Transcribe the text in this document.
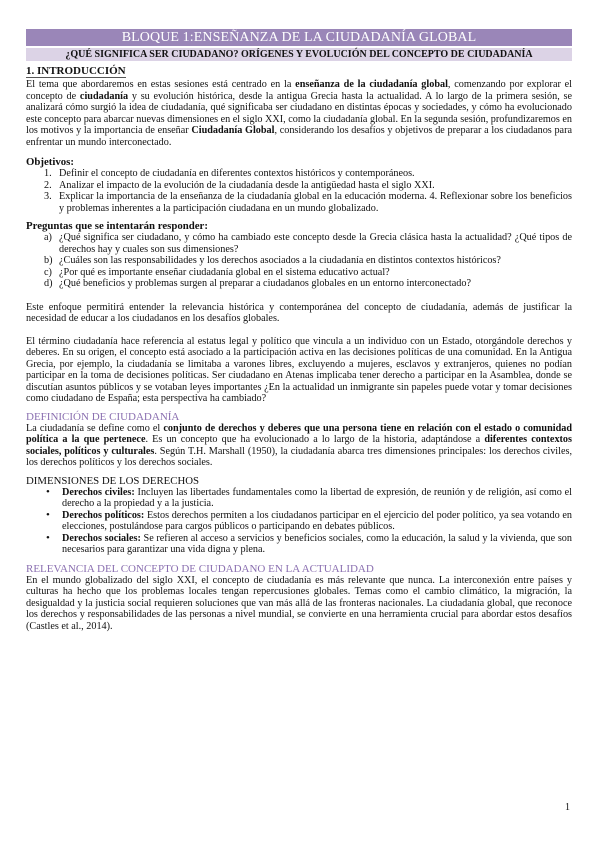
BLOQUE 1:ENSEÑANZA DE LA CIUDADANÍA GLOBAL
¿QUÉ SIGNIFICA SER CIUDADANO? ORÍGENES Y EVOLUCIÓN DEL CONCEPTO DE CIUDADANÍA
1. INTRODUCCIÓN

El tema que abordaremos en estas sesiones está centrado en la enseñanza de la ciudadanía global, comenzando por explorar el concepto de ciudadanía y su evolución histórica, desde la antigua Grecia hasta la actualidad. A lo largo de la primera sesión, se analizará cómo surgió la idea de ciudadanía, qué significaba ser ciudadano en distintas épocas y sociedades, y cómo ha evolucionado este concepto para abarcar nuevas dimensiones en el siglo XXI, como la ciudadanía global. En la segunda sesión, profundizaremos en los motivos y la importancia de enseñar Ciudadanía Global, considerando los desafíos y objetivos de preparar a los ciudadanos para enfrentar un mundo interconectado.

Objetivos:

1. Definir el concepto de ciudadanía en diferentes contextos históricos y contemporáneos.
2. Analizar el impacto de la evolución de la ciudadanía desde la antigüedad hasta el siglo XXI.
3. Explicar la importancia de la enseñanza de la ciudadanía global en la educación moderna. 4. Reflexionar sobre los beneficios y problemas inherentes a la participación ciudadana en un mundo globalizado.

Preguntas que se intentarán responder:

a) ¿Qué significa ser ciudadano, y cómo ha cambiado este concepto desde la Grecia clásica hasta la actualidad? ¿Qué tipos de derechos hay y cuales son sus dimensiones?
b) ¿Cuáles son las responsabilidades y los derechos asociados a la ciudadanía en distintos contextos históricos?
c) ¿Por qué es importante enseñar ciudadanía global en el sistema educativo actual?
d) ¿Qué beneficios y problemas surgen al preparar a ciudadanos globales en un entorno interconectado?

Este enfoque permitirá entender la relevancia histórica y contemporánea del concepto de ciudadanía, además de justificar la necesidad de educar a los ciudadanos en los desafíos globales.

El término ciudadanía hace referencia al estatus legal y político que vincula a un individuo con un Estado, otorgándole derechos y deberes. En su origen, el concepto está asociado a la participación activa en las decisiones políticas de una comunidad. En la Antigua Grecia, por ejemplo, la ciudadanía se limitaba a varones libres, excluyendo a mujeres, esclavos y extranjeros, quienes no podían participar en la toma de decisiones políticas. Ser ciudadano en Atenas implicaba tener derecho a participar en la Asamblea, donde se discutían asuntos públicos y se votaban leyes importantes ¿En la actualidad un inmigrante sin papeles puede votar y tomar decisiones como ciudadano de España; esta perspectiva ha cambiado?

DEFINICIÓN DE CIUDADANÍA

La ciudadanía se define como el conjunto de derechos y deberes que una persona tiene en relación con el estado o comunidad política a la que pertenece. Es un concepto que ha evolucionado a lo largo de la historia, adaptándose a diferentes contextos sociales, políticos y culturales. Según T.H. Marshall (1950), la ciudadanía abarca tres dimensiones principales: los derechos civiles, los derechos políticos y los derechos sociales.

DIMENSIONES DE LOS DERECHOS

• Derechos civiles: Incluyen las libertades fundamentales como la libertad de expresión, de reunión y de religión, así como el derecho a la propiedad y a la justicia.
• Derechos políticos: Estos derechos permiten a los ciudadanos participar en el ejercicio del poder político, ya sea votando en elecciones, postulándose para cargos públicos o participando en debates públicos.
• Derechos sociales: Se refieren al acceso a servicios y beneficios sociales, como la educación, la salud y la vivienda, que son necesarios para garantizar una vida digna y plena.

RELEVANCIA DEL CONCEPTO DE CIUDADANO EN LA ACTUALIDAD

En el mundo globalizado del siglo XXI, el concepto de ciudadanía es más relevante que nunca. La interconexión entre países y culturas ha hecho que los problemas locales tengan repercusiones globales. Temas como el cambio climático, la migración, la desigualdad y la justicia social requieren soluciones que van más allá de las fronteras nacionales. La ciudadanía global, que reconoce los derechos y responsabilidades de las personas a nivel mundial, se convierte en una herramienta crucial para abordar estos desafíos (Castles et al., 2014).

1
